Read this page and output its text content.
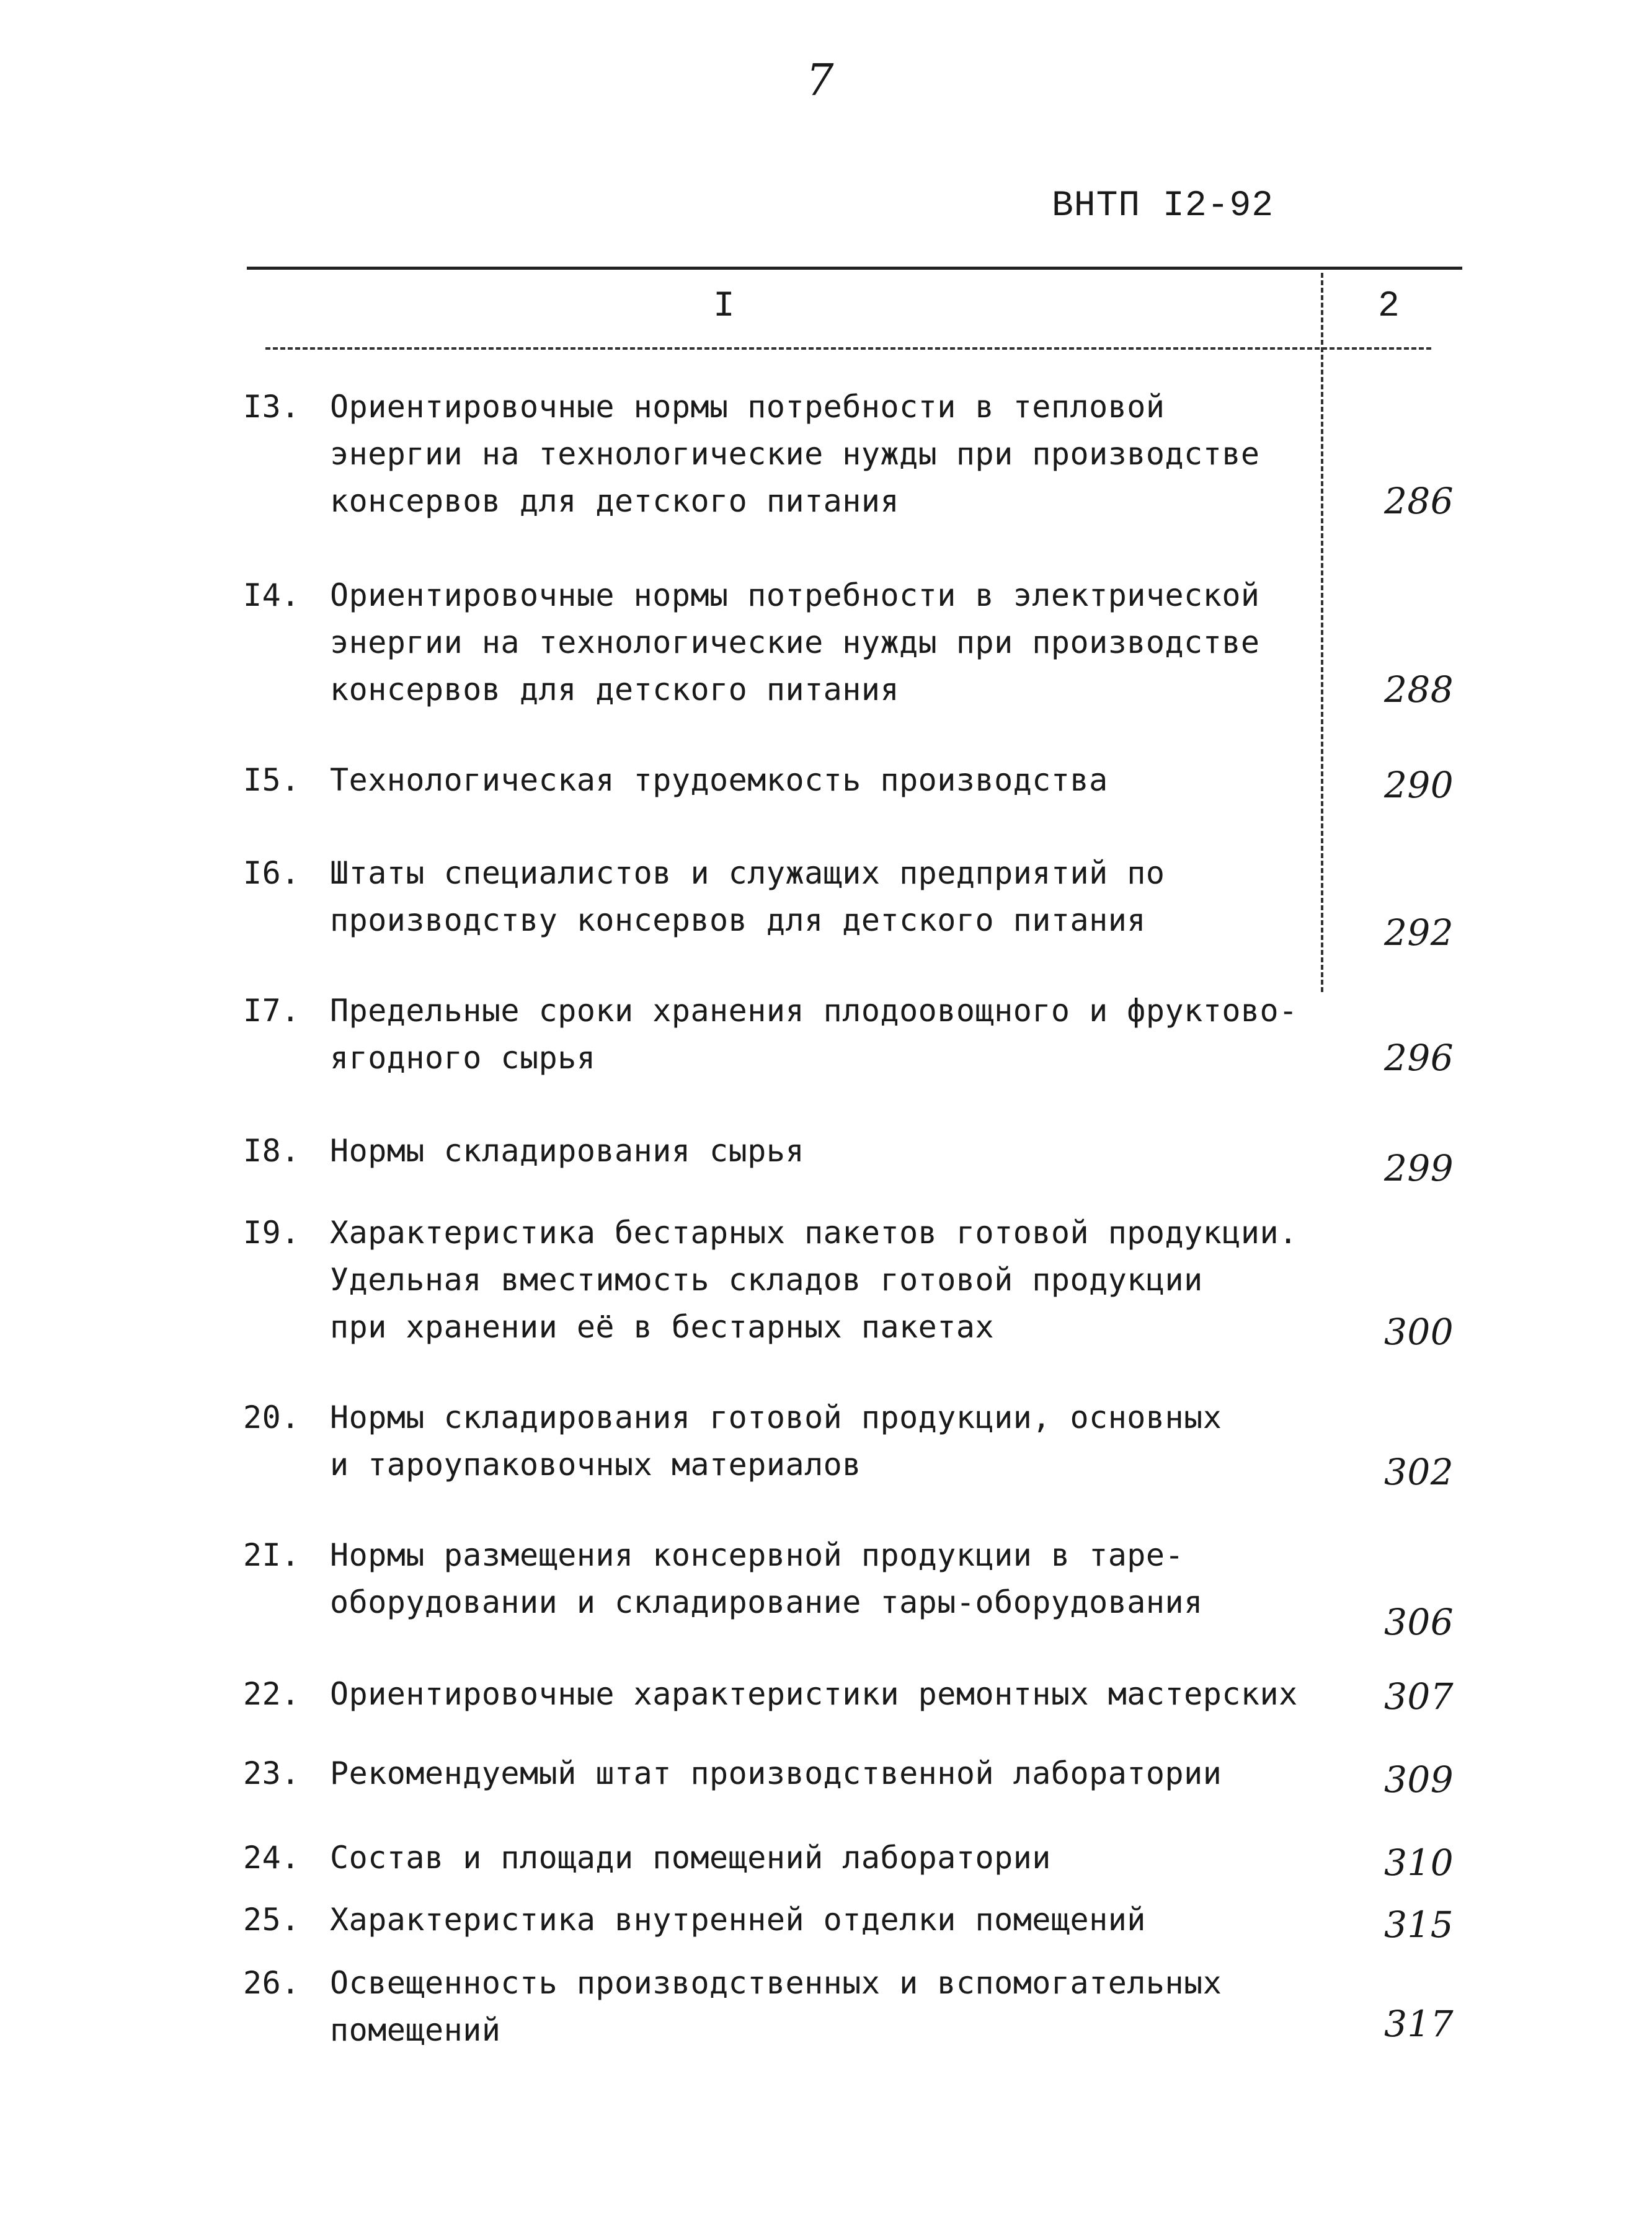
7
ВНТП I2-92
I	2
I3. Ориентировочные нормы потребности в тепловой
энергии на технологические нужды при производстве
консервов для детского питания	286
I4. Ориентировочные нормы потребности в электрической
энергии на технологические нужды при производстве
консервов для детского питания	288
I5. Технологическая трудоемкость производства	290
I6. Штаты специалистов и служащих предприятий по
производству консервов для детского питания	292
I7. Предельные сроки хранения плодоовощного и фруктово-
ягодного сырья	296
I8. Нормы складирования сырья	299
I9. Характеристика бестарных пакетов готовой продукции.
Удельная вместимость складов готовой продукции
при хранении её в бестарных пакетах	300
20. Нормы складирования готовой продукции, основных
и тароупаковочных материалов	302
2I. Нормы размещения консервной продукции в таре-
оборудовании и складирование тары-оборудования	306
22. Ориентировочные характеристики ремонтных мастерских	307
23. Рекомендуемый штат производственной лаборатории	309
24. Состав и площади помещений лаборатории	310
25. Характеристика внутренней отделки помещений	315
26. Освещенность производственных и вспомогательных
помещений	317
